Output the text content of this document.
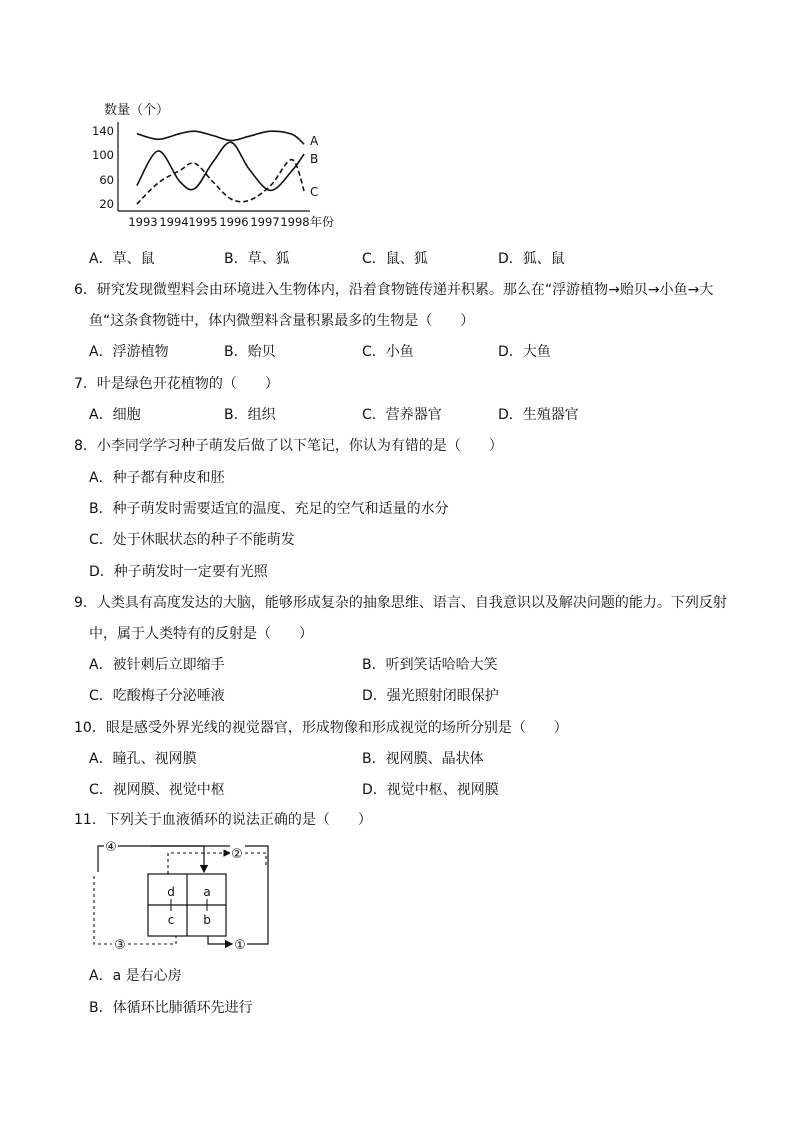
数量（个）
140
100
60
20
1993 1994 1995 1996 1997 1998 年份
A
B
C
A．草、鼠	B．草、狐	C．鼠、狐	D．狐、鼠
6．研究发现微塑料会由环境进入生物体内，沿着食物链传递并积累。那么在“浮游植物→贻贝→小鱼→大
鱼“这条食物链中，体内微塑料含量积累最多的生物是（　　）
A．浮游植物	B．贻贝	C．小鱼	D．大鱼
7．叶是绿色开花植物的（　　）
A．细胞	B．组织	C．营养器官	D．生殖器官
8．小李同学学习种子萌发后做了以下笔记，你认为有错的是（　　）
A．种子都有种皮和胚
B．种子萌发时需要适宜的温度、充足的空气和适量的水分
C．处于休眠状态的种子不能萌发
D．种子萌发时一定要有光照
9．人类具有高度发达的大脑，能够形成复杂的抽象思维、语言、自我意识以及解决问题的能力。下列反射
中，属于人类特有的反射是（　　）
A．被针刺后立即缩手	B．听到笑话哈哈大笑
C．吃酸梅子分泌唾液	D．强光照射闭眼保护
10．眼是感受外界光线的视觉器官，形成物像和形成视觉的场所分别是（　　）
A．瞳孔、视网膜	B．视网膜、晶状体
C．视网膜、视觉中枢	D．视觉中枢、视网膜
11．下列关于血液循环的说法正确的是（　　）
d a
c b
④	②
③	①
A．a 是右心房
B．体循环比肺循环先进行
